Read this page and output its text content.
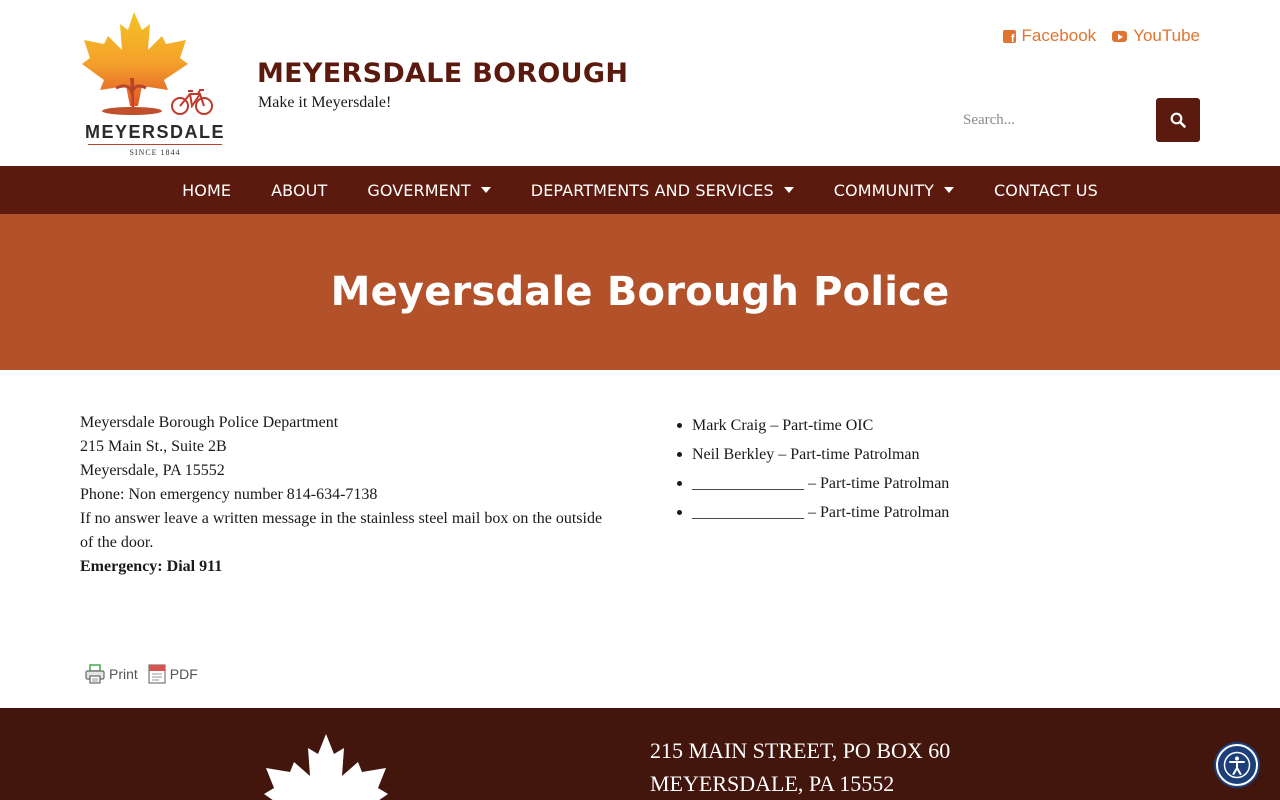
MEYERSDALE
SINCE 1844
MEYERSDALE BOROUGH
Make it Meyersdale!
f
Facebook YouTube
Search...
HOME	ABOUT	GOVERMENT	DEPARTMENTS AND SERVICES	COMMUNITY	CONTACT US
Meyersdale Borough Police
Meyersdale Borough Police Department
215 Main St., Suite 2B
Meyersdale, PA 15552
Phone: Non emergency number 814-634-7138
If no answer leave a written message in the stainless steel mail box on the outside of the door.
Emergency: Dial 911
Mark Craig – Part-time OIC
Neil Berkley – Part-time Patrolman
______________ – Part-time Patrolman
______________ – Part-time Patrolman
Print PDF
215 MAIN STREET, PO BOX 60
MEYERSDALE, PA 15552
